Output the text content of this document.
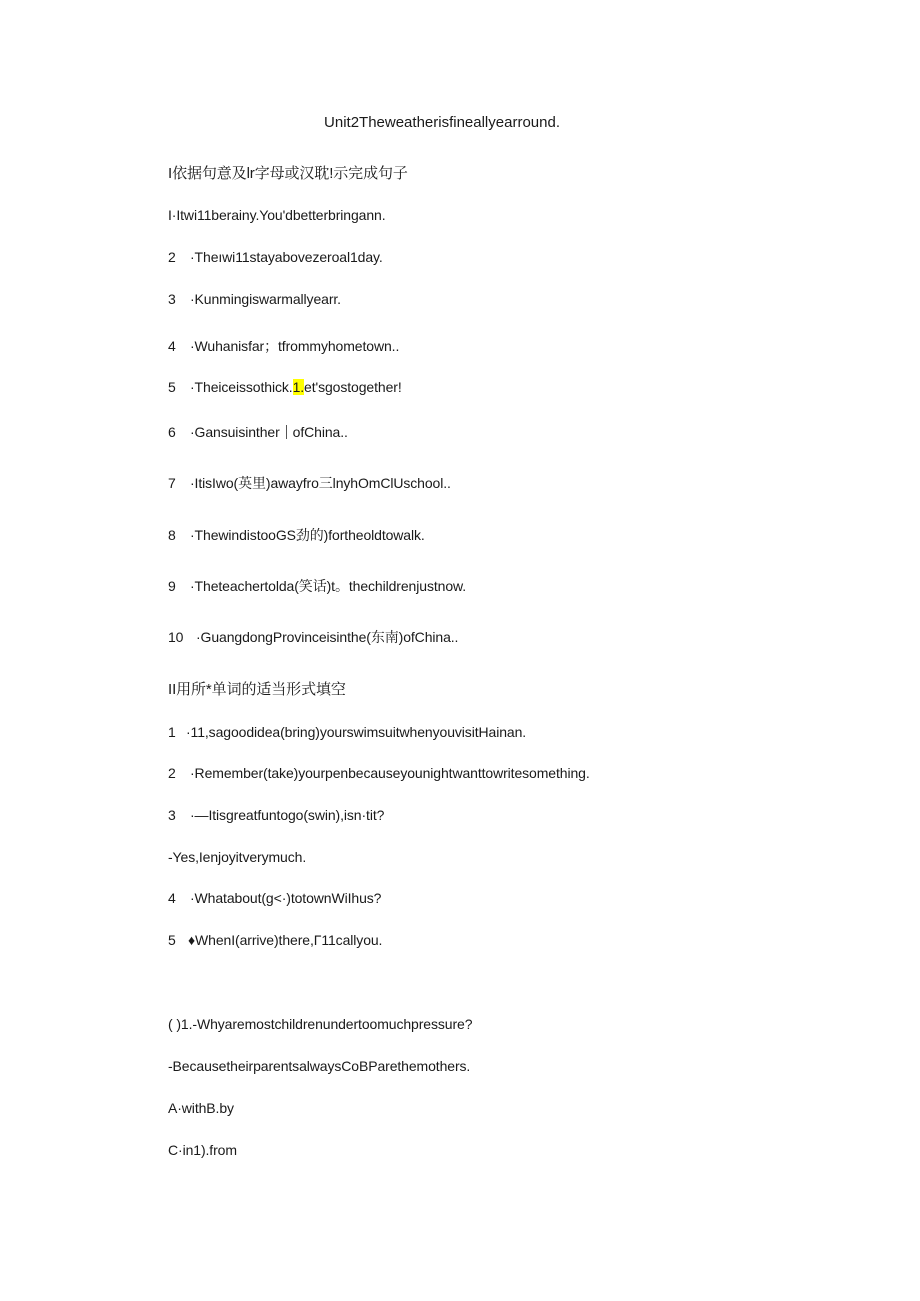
Unit2Theweatherisfineallyearround.
I依据句意及lr字母或汉耽!示完成句子
I·Itwi11berainy.You'dbetterbringann.
2 ·Theıwi11stayabovezeroal1day.
3 ·Kunmingiswarmallyearr.
4 ·Wuhanisfar；tfrommyhometown..
5 ·Theiceissothick.1.et'sgostogether!
6 ·Gansuisinther ofChina..
7 ·ItisIwo(英里)awayfro三lnyhOmClUschool..
8 ·ThewindistooGS劲的)fortheoldtowalk.
9 ·Theteachertolda(笑话)t。thechildrenjustnow.
10 ·GuangdongProvinceisinthe(东南)ofChina..
II用所*单词的适当形式填空
1 ·11,sagoodidea(bring)yourswimsuitwhenyouvisitHainan.
2 ·Remember(take)yourpenbecauseyounightwanttowritesomething.
3 ·—Itisgreatfuntogo(swin),isn·tit?
-Yes,Ienjoyitverymuch.
4 ·Whatabout(g<·)totownWiIhus?
5 ♦WhenI(arrive)there,Γ11callyou.
( )1.-Whyaremostchildrenundertoomuchpressure?
-BecausetheirparentsalwaysCoBParethemothers.
A·withB.by
C·in1).from
